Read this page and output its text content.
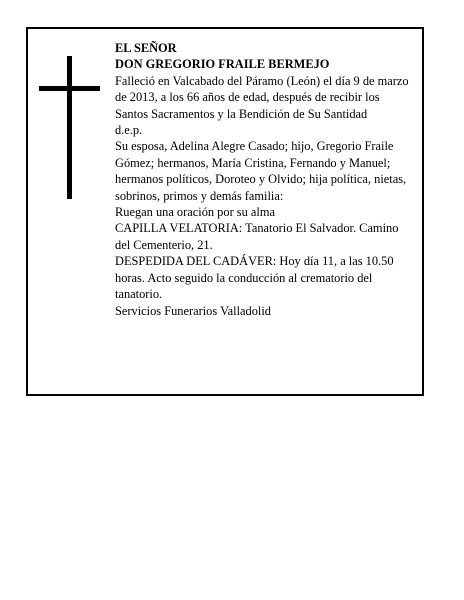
EL SEÑOR

DON GREGORIO FRAILE BERMEJO

Falleció en Valcabado del Páramo (León) el día 9 de marzo de 2013, a los 66 años de edad, después de recibir los Santos Sacramentos y la Bendición de Su Santidad

d.e.p.

Su esposa, Adelina Alegre Casado; hijo, Gregorio Fraile Gómez; hermanos, María Cristina, Fernando y Manuel; hermanos políticos, Doroteo y Olvido; hija política, nietas, sobrinos, primos y demás familia:

Ruegan una oración por su alma

CAPILLA VELATORIA: Tanatorio El Salvador. Camino del Cementerio, 21.

DESPEDIDA DEL CADÁVER: Hoy día 11, a las 10.50 horas. Acto seguido la conducción al crematorio del tanatorio.

Servicios Funerarios Valladolid
